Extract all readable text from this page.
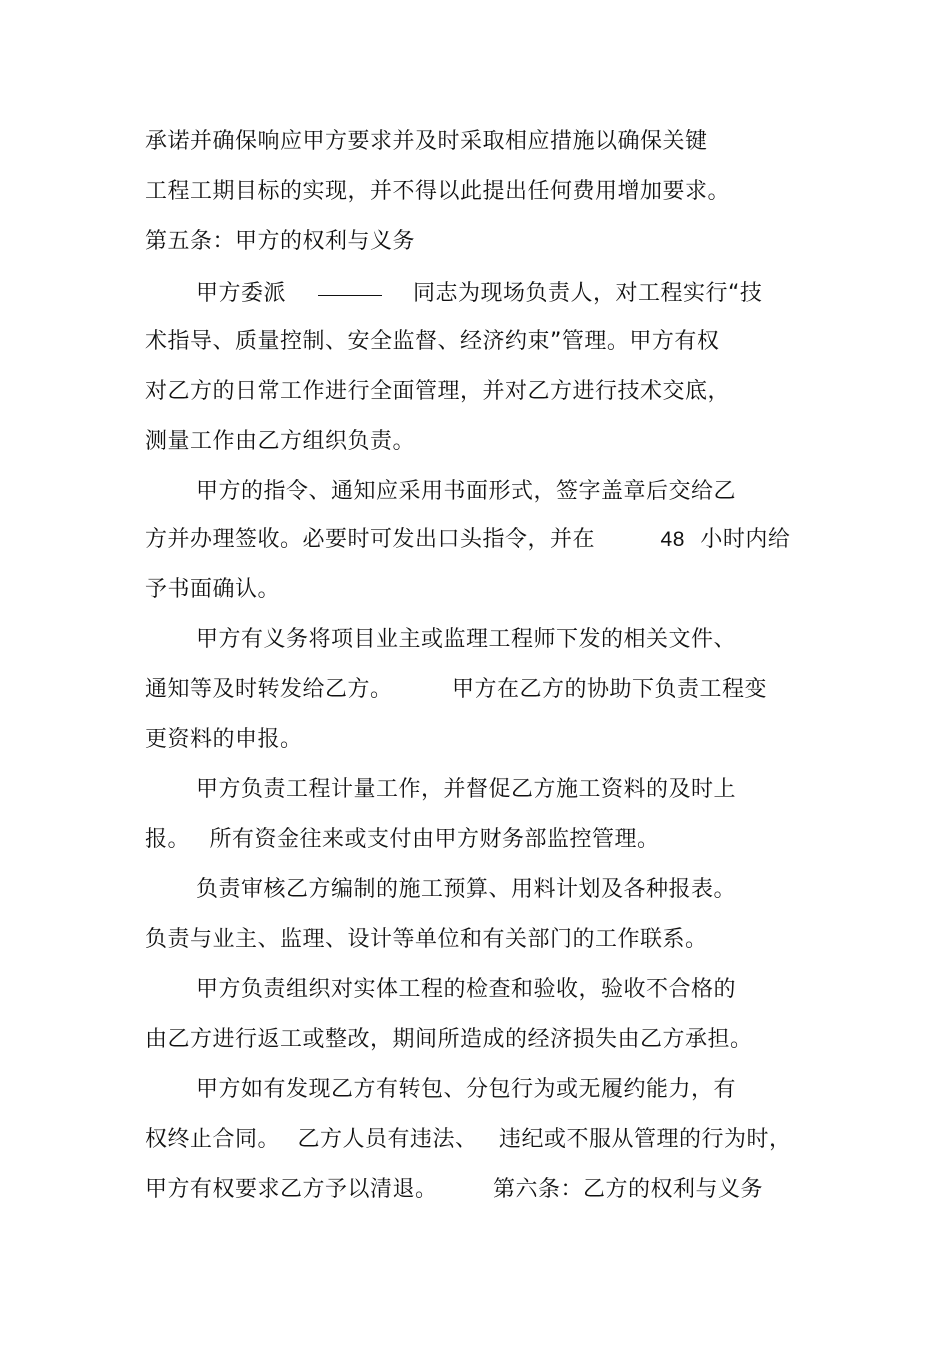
承诺并确保响应甲方要求并及时采取相应措施以确保关键
工程工期目标的实现，并不得以此提出任何费用增加要求。
第五条：甲方的权利与义务
甲方委派	同志为现场负责人，对工程实行“技
术指导、质量控制、安全监督、经济约束”管理。甲方有权
对乙方的日常工作进行全面管理，并对乙方进行技术交底，
测量工作由乙方组织负责。
甲方的指令、通知应采用书面形式，签字盖章后交给乙
方并办理签收。必要时可发出口头指令，并在	48 小时内给
予书面确认。
甲方有义务将项目业主或监理工程师下发的相关文件、
通知等及时转发给乙方。	甲方在乙方的协助下负责工程变
更资料的申报。
甲方负责工程计量工作，并督促乙方施工资料的及时上
报。 所有资金往来或支付由甲方财务部监控管理。
负责审核乙方编制的施工预算、用料计划及各种报表。
负责与业主、监理、设计等单位和有关部门的工作联系。
甲方负责组织对实体工程的检查和验收，验收不合格的
由乙方进行返工或整改，期间所造成的经济损失由乙方承担。
甲方如有发现乙方有转包、分包行为或无履约能力，有
权终止合同。 乙方人员有违法、 违纪或不服从管理的行为时，
甲方有权要求乙方予以清退。	第六条：乙方的权利与义务
